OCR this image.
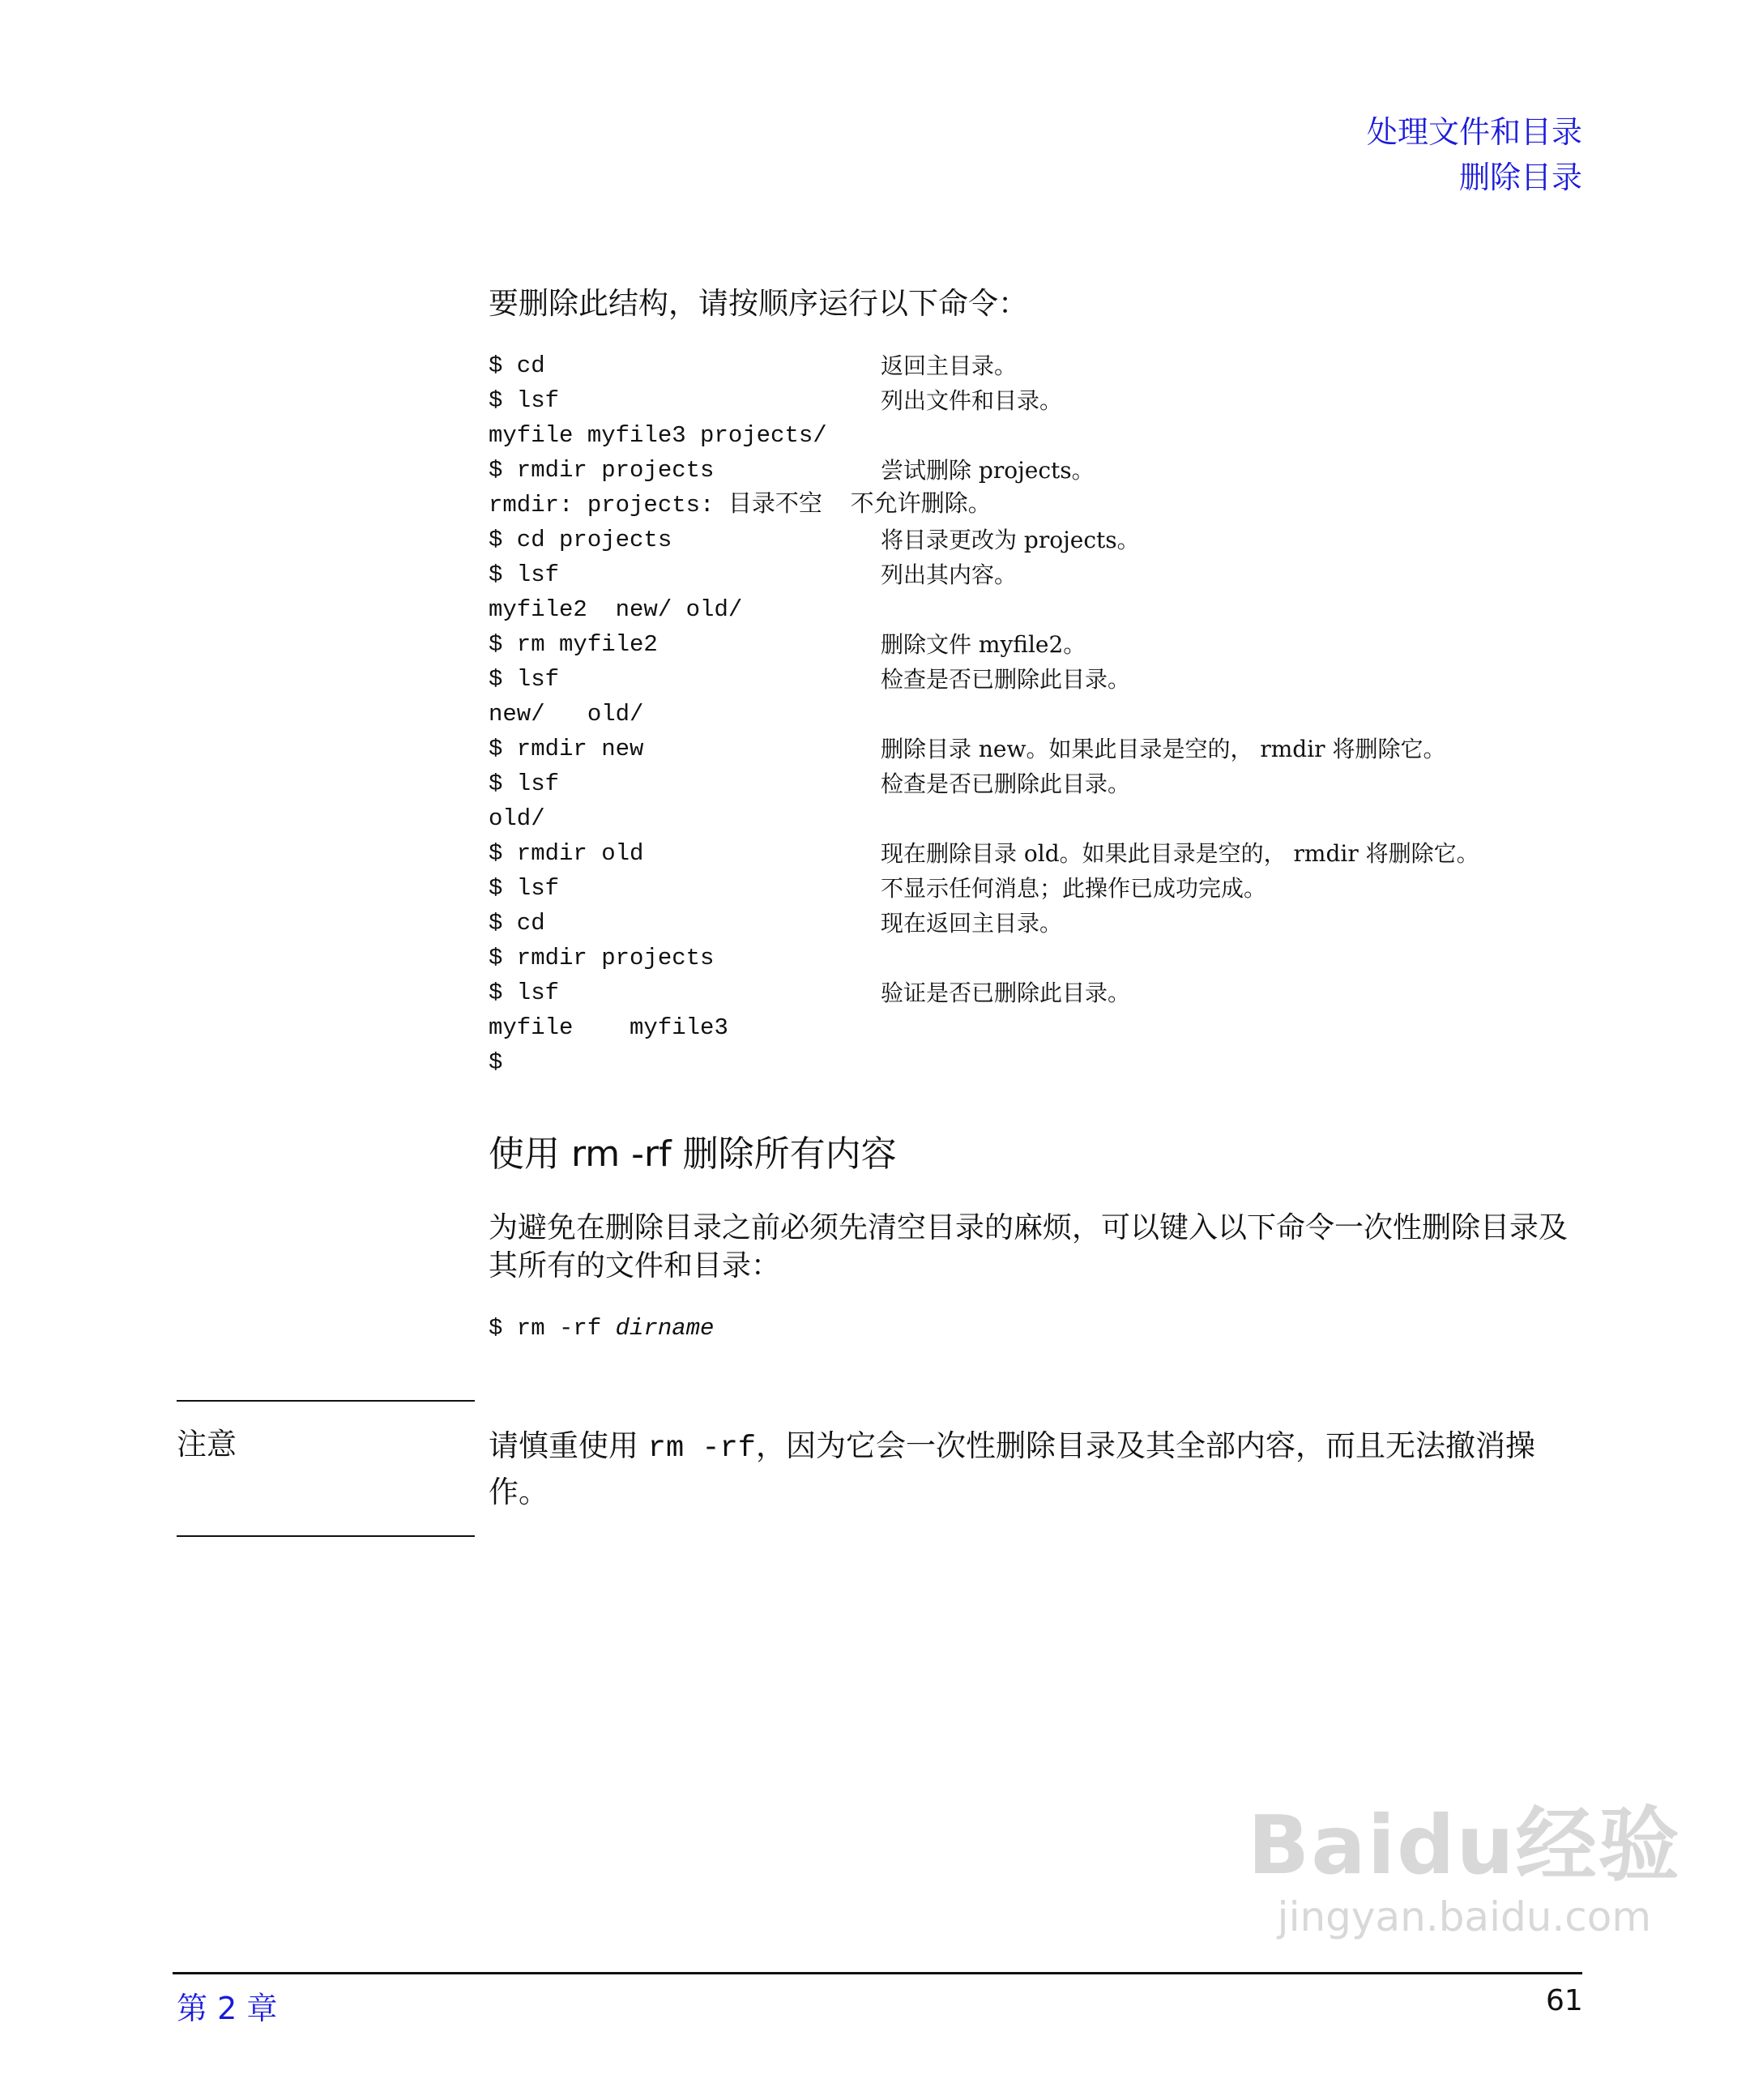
处理文件和目录
删除目录
要删除此结构，请按顺序运行以下命令：
$ cd	返回主目录。
$ lsf	列出文件和目录。
myfile myfile3 projects/
$ rmdir projects	尝试删除 projects。
rmdir: projects: 目录不空  不允许删除。
$ cd projects	将目录更改为 projects。
$ lsf	列出其内容。
myfile2  new/ old/
$ rm myfile2	删除文件 myfile2。
$ lsf	检查是否已删除此目录。
new/   old/
$ rmdir new	删除目录 new。如果此目录是空的， rmdir 将删除它。
$ lsf	检查是否已删除此目录。
old/
$ rmdir old	现在删除目录 old。如果此目录是空的， rmdir 将删除它。
$ lsf	不显示任何消息；此操作已成功完成。
$ cd	现在返回主目录。
$ rmdir projects
$ lsf	验证是否已删除此目录。
myfile    myfile3
$
使用 rm -rf 删除所有内容
为避免在删除目录之前必须先清空目录的麻烦，可以键入以下命令一次性删除目录及其所有的文件和目录：
$ rm -rf dirname
注意	请慎重使用 rm -rf，因为它会一次性删除目录及其全部内容，而且无法撤消操作。
Baidu经验
jingyan.baidu.com
第 2 章	61
